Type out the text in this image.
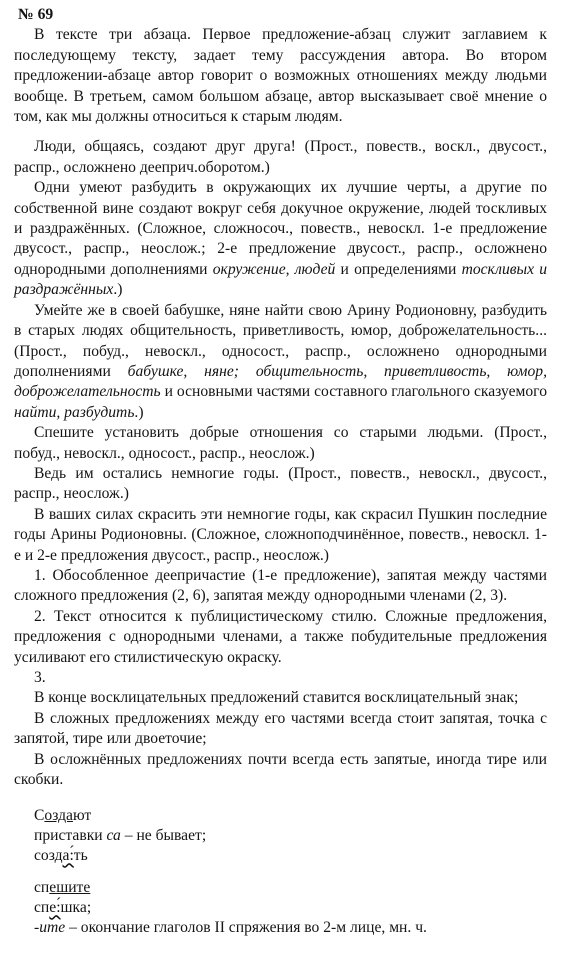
№ 69

В тексте три абзаца. Первое предложение-абзац служит заглавием к последующему тексту, задает тему рассуждения автора. Во втором предложении-абзаце автор говорит о возможных отношениях между людьми вообще. В третьем, самом большом абзаце, автор высказывает своё мнение о том, как мы должны относиться к старым людям.

Люди, общаясь, создают друг друга! (Прост., повеств., воскл., двусост., распр., осложнено дееприч.оборотом.)

Одни умеют разбудить в окружающих их лучшие черты, а другие по собственной вине создают вокруг себя докучное окружение, людей тоскливых и раздражённых. (Сложное, сложносоч., повеств., невоскл. 1-е предложение двусост., распр., неослож.; 2-е предложение двусост., распр., осложнено однородными дополнениями окружение, людей и определениями тоскливых и раздражённых.)

Умейте же в своей бабушке, няне найти свою Арину Родионовну, разбудить в старых людях общительность, приветливость, юмор, доброжелательность... (Прост., побуд., невоскл., односост., распр., осложнено однородными дополнениями бабушке, няне; общительность, приветливость, юмор, доброжелательность и основными частями составного глагольного сказуемого найти, разбудить.)

Спешите установить добрые отношения со старыми людьми. (Прост., побуд., невоскл., односост., распр., неослож.)

Ведь им остались немногие годы. (Прост., повеств., невоскл., двусост., распр., неослож.)

В ваших силах скрасить эти немногие годы, как скрасил Пушкин последние годы Арины Родионовны. (Сложное, сложноподчинённое, повеств., невоскл. 1-е и 2-е предложения двусост., распр., неослож.)

1. Обособленное деепричастие (1-е предложение), запятая между частями сложного предложения (2, 6), запятая между однородными членами (2, 3).

2. Текст относится к публицистическому стилю. Сложные предложения, предложения с однородными членами, а также побудительные предложения усиливают его стилистическую окраску.

3.

В конце восклицательных предложений ставится восклицательный знак;

В сложных предложениях между его частями всегда стоит запятая, точка с запятой, тире или двоеточие;

В осложнённых предложениях почти всегда есть запятые, иногда тире или скобки.

Создают
приставки са – не бывает;
созда:́ть
спешите
спе:́шка;
-ите – окончание глаголов II спряжения во 2-м лице, мн. ч.
